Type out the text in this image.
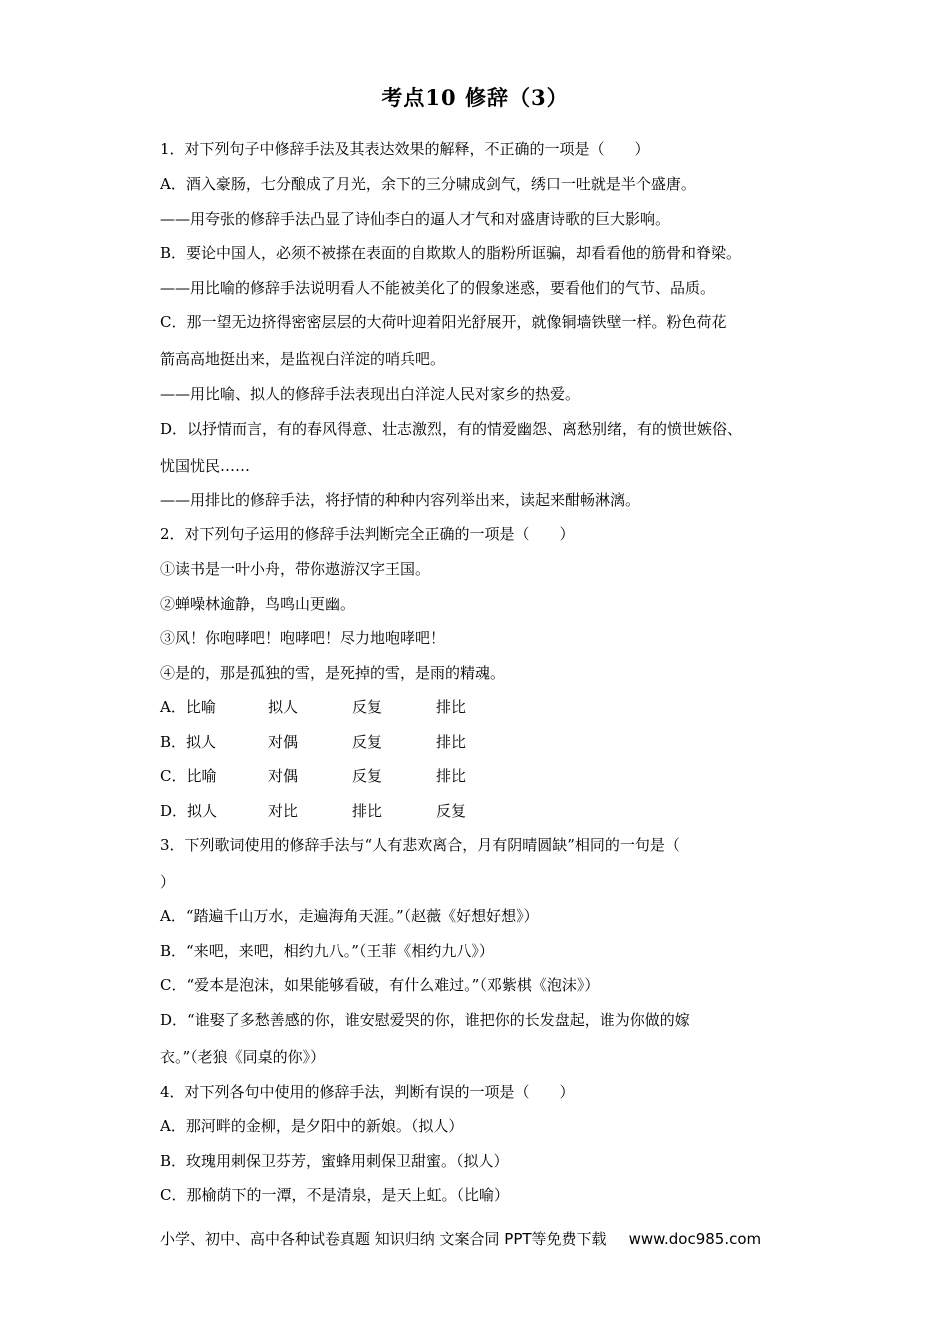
考点10 修辞（3）
1．对下列句子中修辞手法及其表达效果的解释，不正确的一项是（　　）
A．酒入豪肠，七分酿成了月光，余下的三分啸成剑气，绣口一吐就是半个盛唐。
——用夸张的修辞手法凸显了诗仙李白的逼人才气和对盛唐诗歌的巨大影响。
B．要论中国人，必须不被搽在表面的自欺欺人的脂粉所诓骗，却看看他的筋骨和脊梁。
——用比喻的修辞手法说明看人不能被美化了的假象迷惑，要看他们的气节、品质。
C．那一望无边挤得密密层层的大荷叶迎着阳光舒展开，就像铜墙铁壁一样。粉色荷花
箭高高地挺出来，是监视白洋淀的哨兵吧。
——用比喻、拟人的修辞手法表现出白洋淀人民对家乡的热爱。
D．以抒情而言，有的春风得意、壮志激烈，有的情爱幽怨、离愁别绪，有的愤世嫉俗、
忧国忧民……
——用排比的修辞手法，将抒情的种种内容列举出来，读起来酣畅淋漓。
2．对下列句子运用的修辞手法判断完全正确的一项是（　　）
①读书是一叶小舟，带你遨游汉字王国。
②蝉噪林逾静，鸟鸣山更幽。
③风！你咆哮吧！咆哮吧！尽力地咆哮吧！
④是的，那是孤独的雪，是死掉的雪，是雨的精魂。
A．比喻	拟人	反复	排比
B．拟人	对偶	反复	排比
C．比喻	对偶	反复	排比
D．拟人	对比	排比	反复
3．下列歌词使用的修辞手法与“人有悲欢离合，月有阴晴圆缺”相同的一句是（
）
A．“踏遍千山万水，走遍海角天涯。”（赵薇《好想好想》）
B．“来吧，来吧，相约九八。”（王菲《相约九八》）
C．“爱本是泡沫，如果能够看破，有什么难过。”（邓紫棋《泡沫》）
D．“谁娶了多愁善感的你，谁安慰爱哭的你，谁把你的长发盘起，谁为你做的嫁
衣。”（老狼《同桌的你》）
4．对下列各句中使用的修辞手法，判断有误的一项是（　　）
A．那河畔的金柳，是夕阳中的新娘。（拟人）
B．玫瑰用刺保卫芬芳，蜜蜂用刺保卫甜蜜。（拟人）
C．那榆荫下的一潭，不是清泉，是天上虹。（比喻）
小学、初中、高中各种试卷真题 知识归纳 文案合同 PPT等免费下载 www.doc985.com
